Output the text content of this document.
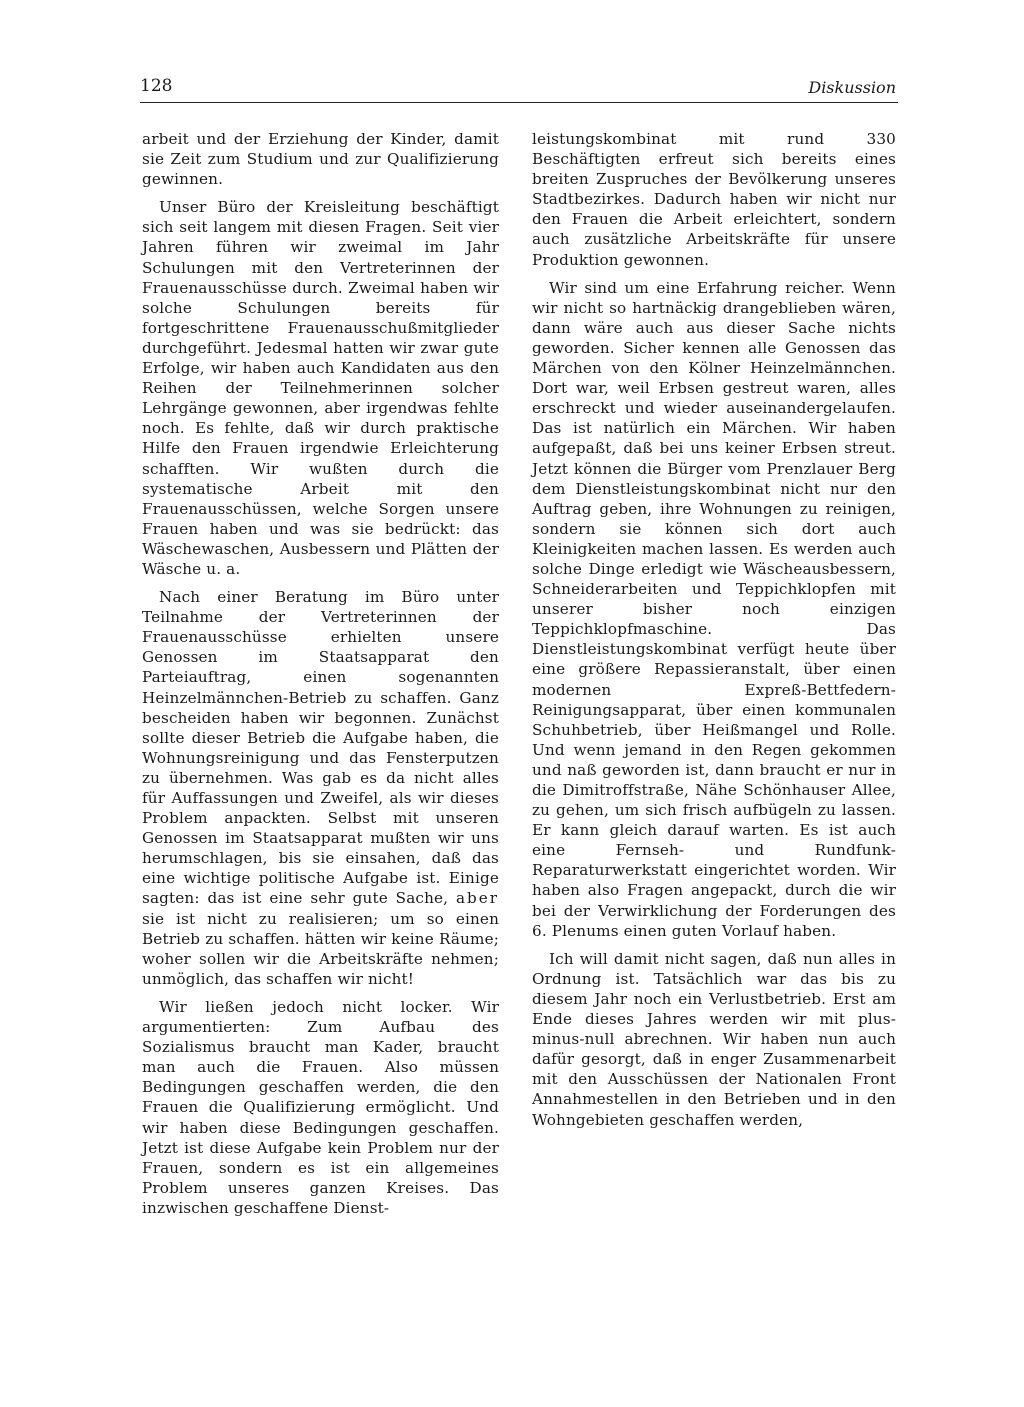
128	Diskussion

arbeit und der Erziehung der Kinder, damit sie Zeit zum Studium und zur Qualifizierung gewinnen.

Unser Büro der Kreisleitung beschäftigt sich seit langem mit diesen Fragen. Seit vier Jahren führen wir zweimal im Jahr Schulungen mit den Vertreterinnen der Frauenausschüsse durch. Zweimal haben wir solche Schulungen bereits für fortgeschrittene Frauenausschußmitglieder durchgeführt. Jedesmal hatten wir zwar gute Erfolge, wir haben auch Kandidaten aus den Reihen der Teilnehmerinnen solcher Lehrgänge gewonnen, aber irgendwas fehlte noch. Es fehlte, daß wir durch praktische Hilfe den Frauen irgendwie Erleichterung schafften. Wir wußten durch die systematische Arbeit mit den Frauenausschüssen, welche Sorgen unsere Frauen haben und was sie bedrückt: das Wäschewaschen, Ausbessern und Plätten der Wäsche u. a.

Nach einer Beratung im Büro unter Teilnahme der Vertreterinnen der Frauenausschüsse erhielten unsere Genossen im Staatsapparat den Parteiauftrag, einen sogenannten Heinzelmännchen-Betrieb zu schaffen. Ganz bescheiden haben wir begonnen. Zunächst sollte dieser Betrieb die Aufgabe haben, die Wohnungsreinigung und das Fensterputzen zu übernehmen. Was gab es da nicht alles für Auffassungen und Zweifel, als wir dieses Problem anpackten. Selbst mit unseren Genossen im Staatsapparat mußten wir uns herumschlagen, bis sie einsahen, daß das eine wichtige politische Aufgabe ist. Einige sagten: das ist eine sehr gute Sache, aber sie ist nicht zu realisieren; um so einen Betrieb zu schaffen. hätten wir keine Räume; woher sollen wir die Arbeitskräfte nehmen; unmöglich, das schaffen wir nicht!

Wir ließen jedoch nicht locker. Wir argumentierten: Zum Aufbau des Sozialismus braucht man Kader, braucht man auch die Frauen. Also müssen Bedingungen geschaffen werden, die den Frauen die Qualifizierung ermöglicht. Und wir haben diese Bedingungen geschaffen. Jetzt ist diese Aufgabe kein Problem nur der Frauen, sondern es ist ein allgemeines Problem unseres ganzen Kreises. Das inzwischen geschaffene Dienst-

leistungskombinat mit rund 330 Beschäftigten erfreut sich bereits eines breiten Zuspruches der Bevölkerung unseres Stadtbezirkes. Dadurch haben wir nicht nur den Frauen die Arbeit erleichtert, sondern auch zusätzliche Arbeitskräfte für unsere Produktion gewonnen.

Wir sind um eine Erfahrung reicher. Wenn wir nicht so hartnäckig drangeblieben wären, dann wäre auch aus dieser Sache nichts geworden. Sicher kennen alle Genossen das Märchen von den Kölner Heinzelmännchen. Dort war, weil Erbsen gestreut waren, alles erschreckt und wieder auseinandergelaufen. Das ist natürlich ein Märchen. Wir haben aufgepaßt, daß bei uns keiner Erbsen streut. Jetzt können die Bürger vom Prenzlauer Berg dem Dienstleistungskombinat nicht nur den Auftrag geben, ihre Wohnungen zu reinigen, sondern sie können sich dort auch Kleinigkeiten machen lassen. Es werden auch solche Dinge erledigt wie Wäscheausbessern, Schneiderarbeiten und Teppichklopfen mit unserer bisher noch einzigen Teppichklopfmaschine. Das Dienstleistungskombinat verfügt heute über eine größere Repassieranstalt, über einen modernen Expreß-Bettfedern-Reinigungsapparat, über einen kommunalen Schuhbetrieb, über Heißmangel und Rolle. Und wenn jemand in den Regen gekommen und naß geworden ist, dann braucht er nur in die Dimitroffstraße, Nähe Schönhauser Allee, zu gehen, um sich frisch aufbügeln zu lassen. Er kann gleich darauf warten. Es ist auch eine Fernseh- und Rundfunk-Reparaturwerkstatt eingerichtet worden. Wir haben also Fragen angepackt, durch die wir bei der Verwirklichung der Forderungen des 6. Plenums einen guten Vorlauf haben.

Ich will damit nicht sagen, daß nun alles in Ordnung ist. Tatsächlich war das bis zu diesem Jahr noch ein Verlustbetrieb. Erst am Ende dieses Jahres werden wir mit plus-minus-null abrechnen. Wir haben nun auch dafür gesorgt, daß in enger Zusammenarbeit mit den Ausschüssen der Nationalen Front Annahmestellen in den Betrieben und in den Wohngebieten geschaffen werden,
